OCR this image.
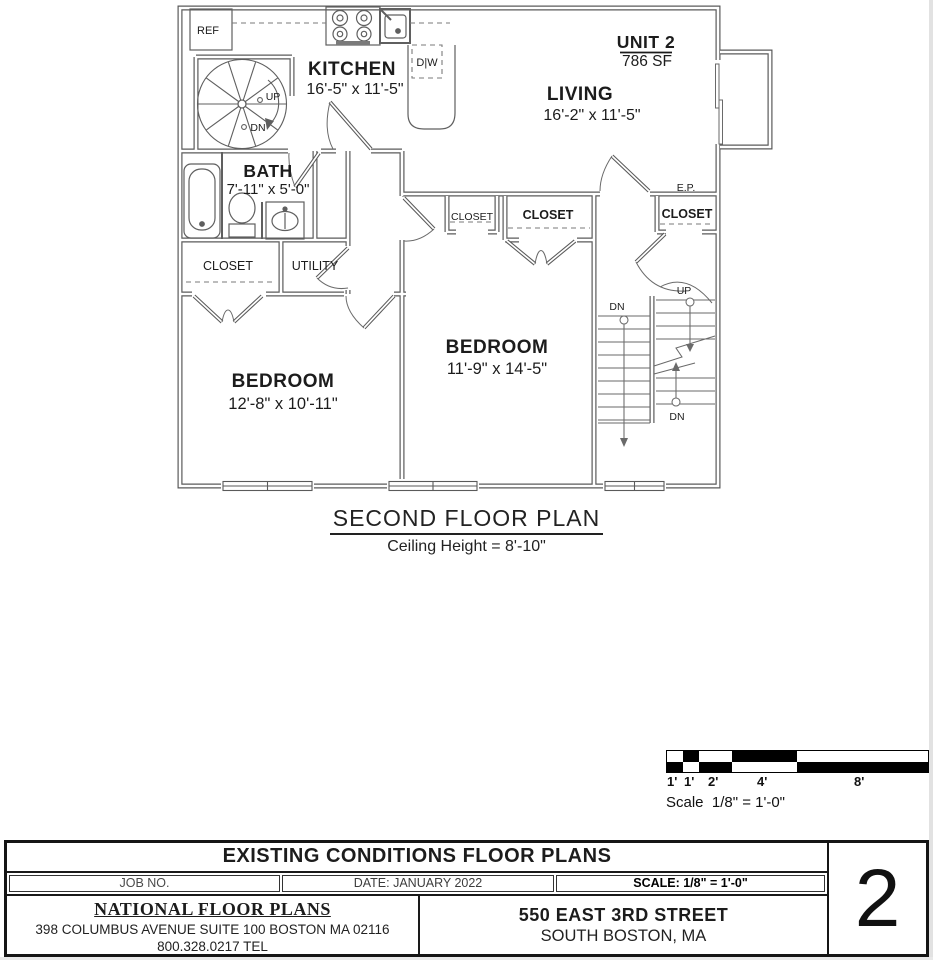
UNIT 2
786 SF
KITCHEN
16'-5" x 11'-5"	LIVING
16'-2" x 11'-5"
BATH
7'-11" x 5'-0"
BEDROOM
12'-8" x 10'-11"
BEDROOM
11'-9" x 14'-5"
CLOSET	UTILITY
CLOSET CLOSET	CLOSET
E.P.
REF
D|W
UP
DN
DN
UP
DN
SECOND FLOOR PLAN
Ceiling Height = 8'-10"
1' 1' 2'	4'	8'
Scale  1/8" = 1'-0"
EXISTING CONDITIONS FLOOR PLANS
JOB NO.	DATE: JANUARY 2022	SCALE: 1/8" = 1'-0"
NATIONAL FLOOR PLANS
398 COLUMBUS AVENUE SUITE 100 BOSTON MA 02116
800.328.0217 TEL
550 EAST 3RD STREET
SOUTH BOSTON, MA	2
